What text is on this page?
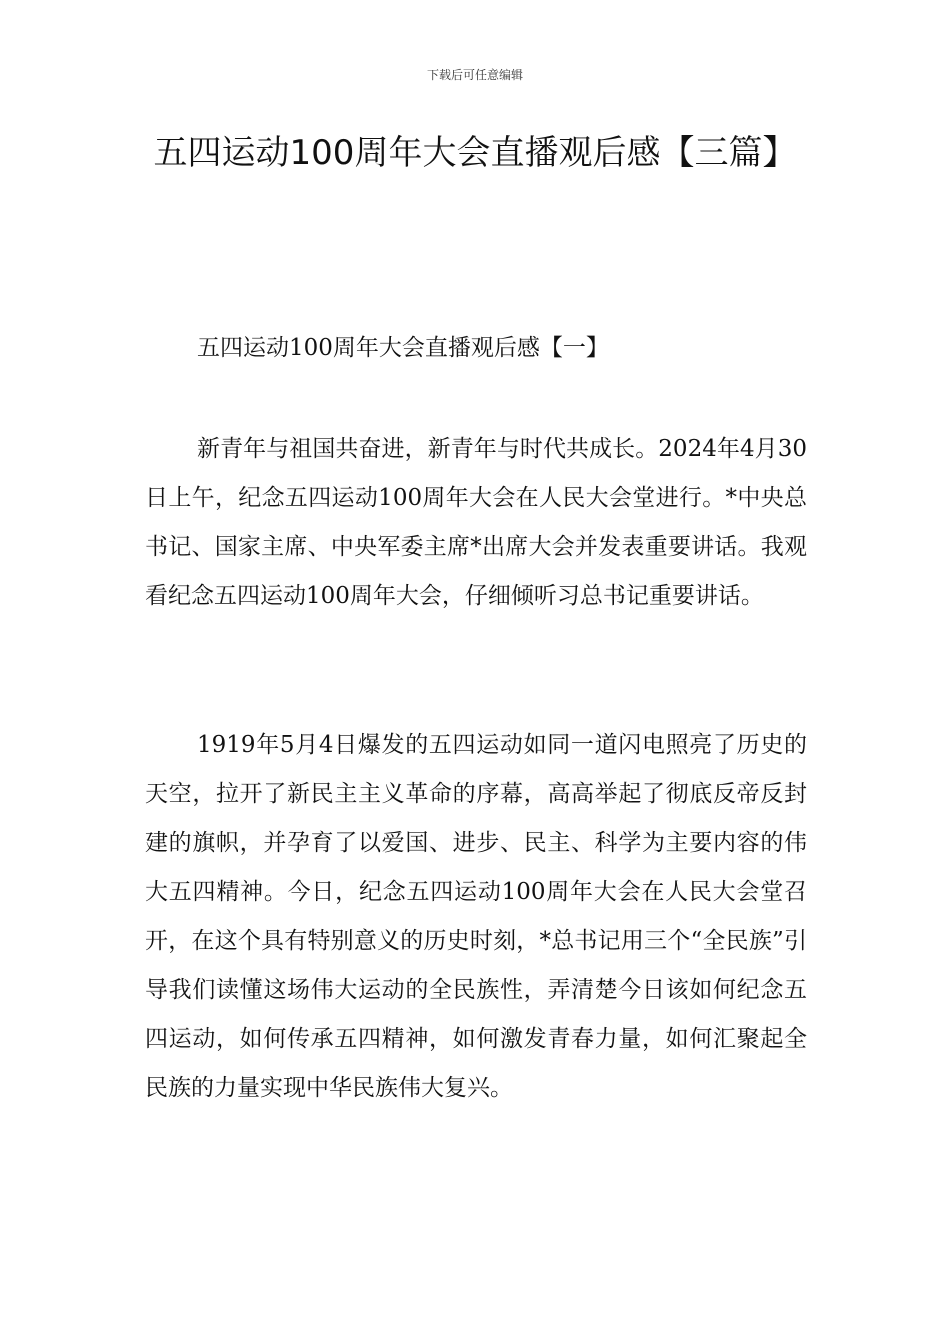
下载后可任意编辑
五四运动100周年大会直播观后感【三篇】
五四运动100周年大会直播观后感【一】

新青年与祖国共奋进，新青年与时代共成长。2024年4月30日上午，纪念五四运动100周年大会在人民大会堂进行。*中央总书记、国家主席、中央军委主席*出席大会并发表重要讲话。我观看纪念五四运动100周年大会，仔细倾听习总书记重要讲话。

1919年5月4日爆发的五四运动如同一道闪电照亮了历史的天空，拉开了新民主主义革命的序幕，高高举起了彻底反帝反封建的旗帜，并孕育了以爱国、进步、民主、科学为主要内容的伟大五四精神。今日，纪念五四运动100周年大会在人民大会堂召开，在这个具有特别意义的历史时刻，*总书记用三个“全民族”引导我们读懂这场伟大运动的全民族性，弄清楚今日该如何纪念五四运动，如何传承五四精神，如何激发青春力量，如何汇聚起全民族的力量实现中华民族伟大复兴。
